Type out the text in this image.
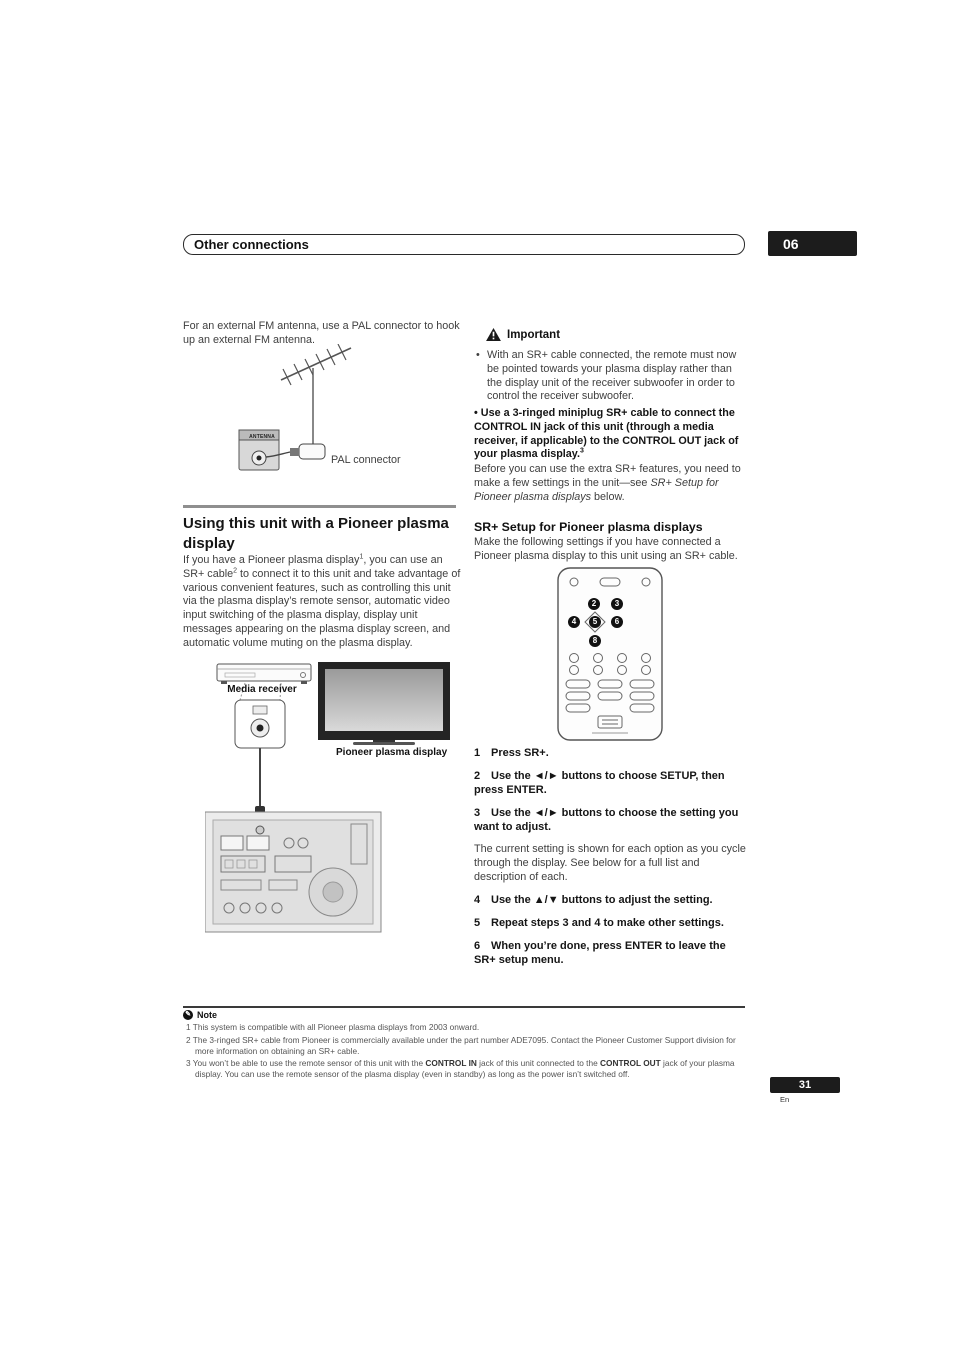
Other connections	06

For an external FM antenna, use a PAL connector to hook up an external FM antenna.

ANTENNA
PAL connector
Using this unit with a Pioneer plasma display

If you have a Pioneer plasma display$^1$, you can use an SR+ cable$^2$ to connect it to this unit and take advantage of various convenient features, such as controlling this unit via the plasma display’s remote sensor, automatic video input switching of the plasma display, display unit messages appearing on the plasma display screen, and automatic volume muting on the plasma display.

Media receiver
Pioneer plasma display
Important

• With an SR+ cable connected, the remote must now be pointed towards your plasma display rather than the display unit of the receiver subwoofer in order to control the receiver subwoofer.

• Use a 3-ringed miniplug SR+ cable to connect the CONTROL IN jack of this unit (through a media receiver, if applicable) to the CONTROL OUT jack of your plasma display.$^3$

Before you can use the extra SR+ features, you need to make a few settings in the unit—see SR+ Setup for Pioneer plasma displays below.

SR+ Setup for Pioneer plasma displays

Make the following settings if you have connected a Pioneer plasma display to this unit using an SR+ cable.

2	3
4	5	6
8

1 Press SR+.

2 Use the ◄/► buttons to choose SETUP, then press ENTER.

3 Use the ◄/► buttons to choose the setting you want to adjust.

The current setting is shown for each option as you cycle through the display. See below for a full list and description of each.

4 Use the ▲/▼ buttons to adjust the setting.

5 Repeat steps 3 and 4 to make other settings.

6 When you’re done, press ENTER to leave the SR+ setup menu.

✎ Note

1 This system is compatible with all Pioneer plasma displays from 2003 onward.

2 The 3-ringed SR+ cable from Pioneer is commercially available under the part number ADE7095. Contact the Pioneer Customer Support division for more information on obtaining an SR+ cable.

3 You won’t be able to use the remote sensor of this unit with the CONTROL IN jack of this unit connected to the CONTROL OUT jack of your plasma display. You can use the remote sensor of the plasma display (even in standby) as long as the power isn’t switched off.

31
En
